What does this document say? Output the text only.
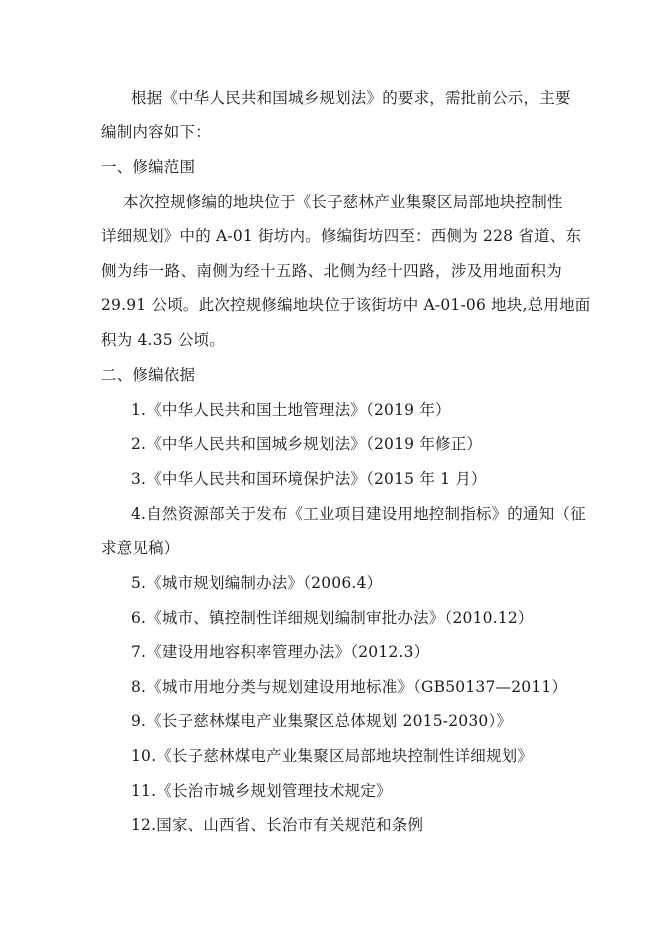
根据《中华人民共和国城乡规划法》的要求，需批前公示，主要
编制内容如下：
一、修编范围
本次控规修编的地块位于《长子慈林产业集聚区局部地块控制性
详细规划》中的 A-01 街坊内。修编街坊四至：西侧为 228 省道、东
侧为纬一路、南侧为经十五路、北侧为经十四路，涉及用地面积为
29.91 公顷。此次控规修编地块位于该街坊中 A-01-06 地块,总用地面
积为 4.35 公顷。
二、修编依据
1.《中华人民共和国土地管理法》（2019 年）
2.《中华人民共和国城乡规划法》（2019 年修正）
3.《中华人民共和国环境保护法》（2015 年 1 月）
4.自然资源部关于发布《工业项目建设用地控制指标》的通知（征
求意见稿）
5.《城市规划编制办法》（2006.4）
6.《城市、镇控制性详细规划编制审批办法》（2010.12）
7.《建设用地容积率管理办法》（2012.3）
8.《城市用地分类与规划建设用地标准》（GB50137—2011）
9.《长子慈林煤电产业集聚区总体规划 2015-2030）》
10.《长子慈林煤电产业集聚区局部地块控制性详细规划》
11.《长治市城乡规划管理技术规定》
12.国家、山西省、长治市有关规范和条例
